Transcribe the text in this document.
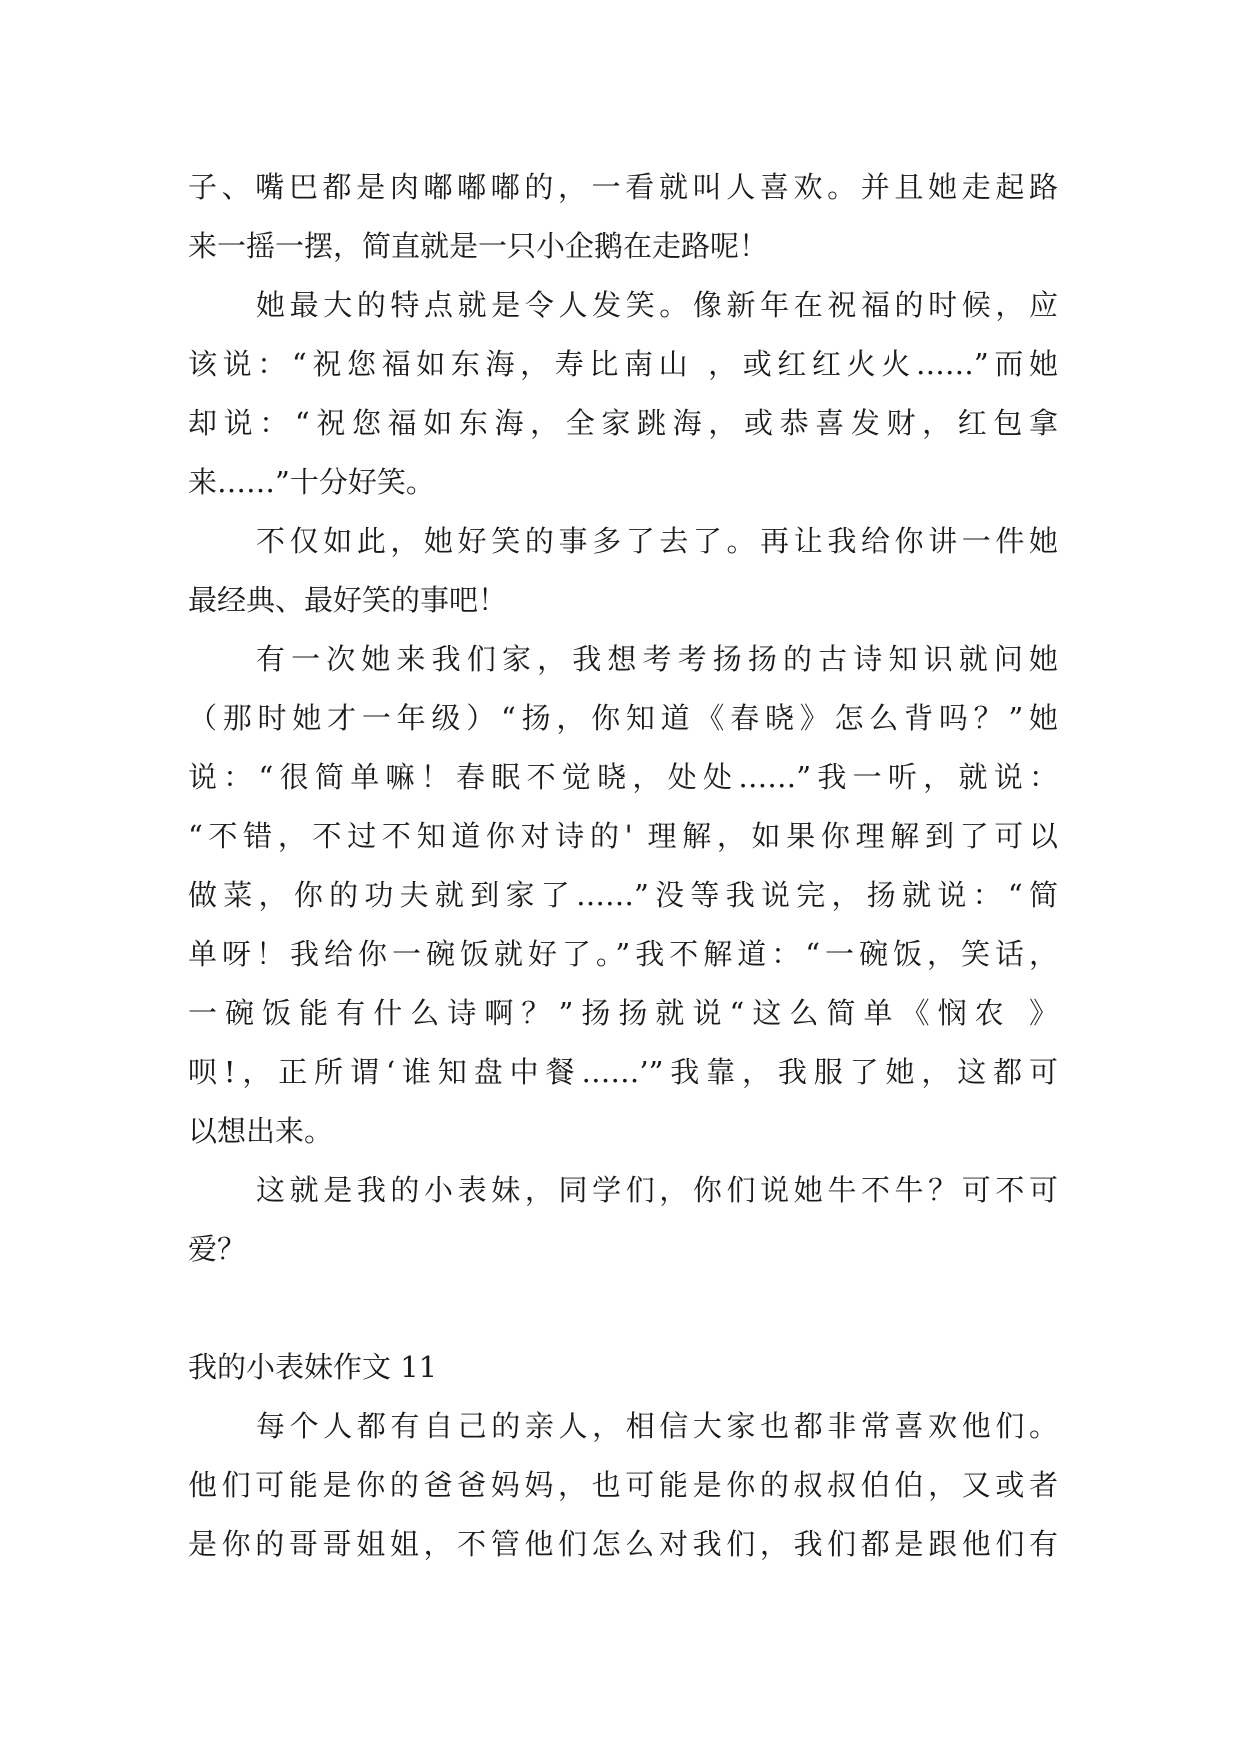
子、嘴巴都是肉嘟嘟嘟的，一看就叫人喜欢。并且她走起路
来一摇一摆，简直就是一只小企鹅在走路呢！
她最大的特点就是令人发笑。像新年在祝福的时候，应
该说：“祝您福如东海，寿比南山 ，或红红火火……”而她
却说：“祝您福如东海，全家跳海，或恭喜发财，红包拿
来……”十分好笑。
不仅如此，她好笑的事多了去了。再让我给你讲一件她
最经典、最好笑的事吧！
有一次她来我们家，我想考考扬扬的古诗知识就问她
（那时她才一年级）“扬，你知道《春晓》怎么背吗？”她
说：“很简单嘛！春眠不觉晓，处处……”我一听，就说：
“不错，不过不知道你对诗的' 理解，如果你理解到了可以
做菜，你的功夫就到家了……”没等我说完，扬就说：“简
单呀！我给你一碗饭就好了。”我不解道：“一碗饭，笑话，
一碗饭能有什么诗啊？”扬扬就说“这么简单《悯农 》
呗!，正所谓‘谁知盘中餐……’”我靠，我服了她，这都可
以想出来。
这就是我的小表妹，同学们，你们说她牛不牛？可不可
爱？
我的小表妹作文 11
每个人都有自己的亲人，相信大家也都非常喜欢他们。
他们可能是你的爸爸妈妈，也可能是你的叔叔伯伯，又或者
是你的哥哥姐姐，不管他们怎么对我们，我们都是跟他们有
